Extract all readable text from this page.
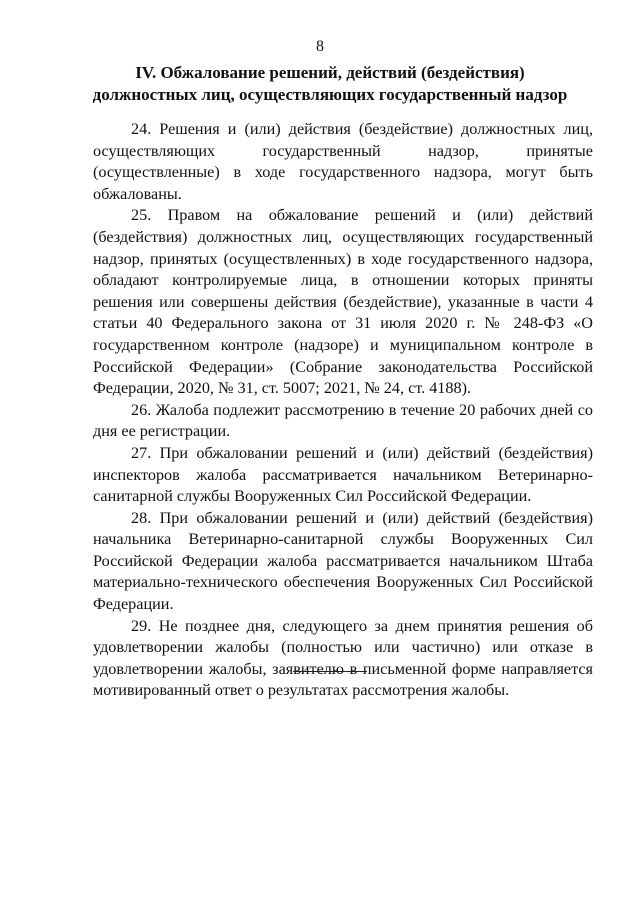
8
IV. Обжалование решений, действий (бездействия)
должностных лиц, осуществляющих государственный надзор

24. Решения и (или) действия (бездействие) должностных лиц, осуществляющих государственный надзор, принятые (осуществленные) в ходе государственного надзора, могут быть обжалованы.

25. Правом на обжалование решений и (или) действий (бездействия) должностных лиц, осуществляющих государственный надзор, принятых (осуществленных) в ходе государственного надзора, обладают контролируемые лица, в отношении которых приняты решения или совершены действия (бездействие), указанные в части 4 статьи 40 Федерального закона от 31 июля 2020 г. № 248-ФЗ «О государственном контроле (надзоре) и муниципальном контроле в Российской Федерации» (Собрание законодательства Российской Федерации, 2020, № 31, ст. 5007; 2021, № 24, ст. 4188).

26. Жалоба подлежит рассмотрению в течение 20 рабочих дней со дня ее регистрации.

27. При обжаловании решений и (или) действий (бездействия) инспекторов жалоба рассматривается начальником Ветеринарно-санитарной службы Вооруженных Сил Российской Федерации.

28. При обжаловании решений и (или) действий (бездействия) начальника Ветеринарно-санитарной службы Вооруженных Сил Российской Федерации жалоба рассматривается начальником Штаба материально-технического обеспечения Вооруженных Сил Российской Федерации.

29. Не позднее дня, следующего за днем принятия решения об удовлетворении жалобы (полностью или частично) или отказе в удовлетворении жалобы, заявителю в письменной форме направляется мотивированный ответ о результатах рассмотрения жалобы.
